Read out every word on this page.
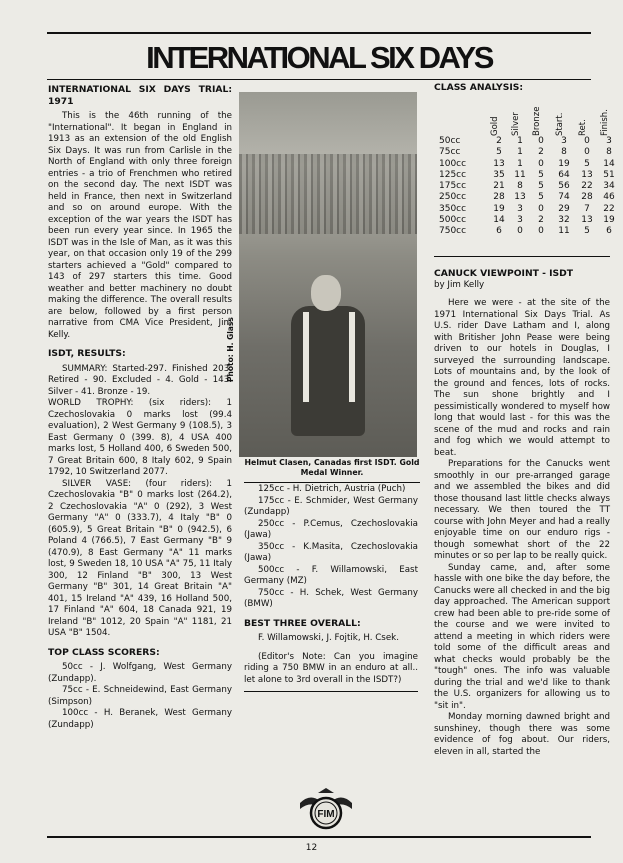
INTERNATIONAL SIX DAYS

INTERNATIONAL SIX DAYS TRIAL: 1971

This is the 46th running of the "International". It began in England in 1913 as an extension of the old English Six Days. It was run from Carlisle in the North of England with only three foreign entries - a trio of Frenchmen who retired on the second day. The next ISDT was held in France, then next in Switzerland and so on around europe. With the exception of the war years the ISDT has been run every year since. In 1965 the ISDT was in the Isle of Man, as it was this year, on that occasion only 19 of the 299 starters achieved a "Gold" compared to 143 of 297 starters this time. Good weather and better machinery no doubt making the difference. The overall results are below, followed by a first person narrative from CMA Vice President, Jim Kelly.

ISDT, RESULTS:

SUMMARY: Started-297. Finished 203. Retired - 90. Excluded - 4. Gold - 143. Silver - 41. Bronze - 19.

WORLD TROPHY: (six riders): 1 Czechoslovakia 0 marks lost (99.4 evaluation), 2 West Germany 9 (108.5), 3 East Germany 0 (399. 8), 4 USA 400 marks lost, 5 Holland 400, 6 Sweden 500, 7 Great Britain 600, 8 Italy 602, 9 Spain 1792, 10 Switzerland 2077.

SILVER VASE: (four riders): 1 Czechoslovakia "B" 0 marks lost (264.2), 2 Czechoslovakia "A" 0 (292), 3 West Germany "A" 0 (333.7), 4 Italy "B" 0 (605.9), 5 Great Britain "B" 0 (942.5), 6 Poland 4 (766.5), 7 East Germany "B" 9 (470.9), 8 East Germany "A" 11 marks lost, 9 Sweden 18, 10 USA "A" 75, 11 Italy 300, 12 Finland "B" 300, 13 West Germany "B" 301, 14 Great Britain "A" 401, 15 Ireland "A" 439, 16 Holland 500, 17 Finland "A" 604, 18 Canada 921, 19 Ireland "B" 1012, 20 Spain "A" 1181, 21 USA "B" 1504.

TOP CLASS SCORERS:

50cc - J. Wolfgang, West Germany (Zundapp).

75cc - E. Schneidewind, East Germany (Simpson)

100cc - H. Beranek, West Germany (Zundapp)

Photo: H. Glass
Helmut Clasen, Canadas first ISDT. Gold Medal Winner.

125cc - H. Dietrich, Austria (Puch)

175cc - E. Schmider, West Germany (Zundapp)

250cc - P.Cemus, Czechoslovakia (Jawa)

350cc - K.Masita, Czechoslovakia (Jawa)

500cc - F. Willamowski, East Germany (MZ)

750cc - H. Schek, West Germany (BMW)

BEST THREE OVERALL:

F. Willamowski, J. Fojtik, H. Csek.

(Editor's Note: Can you imagine riding a 750 BMW in an enduro at all.. let alone to 3rd overall in the ISDT?)

FIM

CLASS ANALYSIS:

Gold Silver Bronze Start. Ret. Finish.
50cc	2	1	0	3	0	3
75cc	5	1	2	8	0	8
100cc	13	1	0	19	5	14
125cc	35 11	5	64 13 51
175cc	21	8	5	56 22 34
250cc	28 13	5	74 28 46
350cc	19	3	0	29	7	22
500cc	14	3	2	32 13 19
750cc	6	0	0	11	5	6

CANUCK VIEWPOINT - ISDT

by Jim Kelly

Here we were - at the site of the 1971 International Six Days Trial. As U.S. rider Dave Latham and I, along with Britisher John Pease were being driven to our hotels in Douglas, I surveyed the surrounding landscape. Lots of mountains and, by the look of the ground and fences, lots of rocks. The sun shone brightly and I pessimistically wondered to myself how long that would last - for this was the scene of the mud and rocks and rain and fog which we would attempt to beat.

Preparations for the Canucks went smoothly in our pre-arranged garage and we assembled the bikes and did those thousand last little checks always necessary. We then toured the TT course with John Meyer and had a really enjoyable time on our enduro rigs - though somewhat short of the 22 minutes or so per lap to be really quick.

Sunday came, and, after some hassle with one bike the day before, the Canucks were all checked in and the big day approached. The American support crew had been able to pre-ride some of the course and we were invited to attend a meeting in which riders were told some of the difficult areas and what checks would probably be the "tough" ones. The info was valuable during the trial and we'd like to thank the U.S. organizers for allowing us to "sit in".

Monday morning dawned bright and sunshiney, though there was some evidence of fog about. Our riders, eleven in all, started the

12
